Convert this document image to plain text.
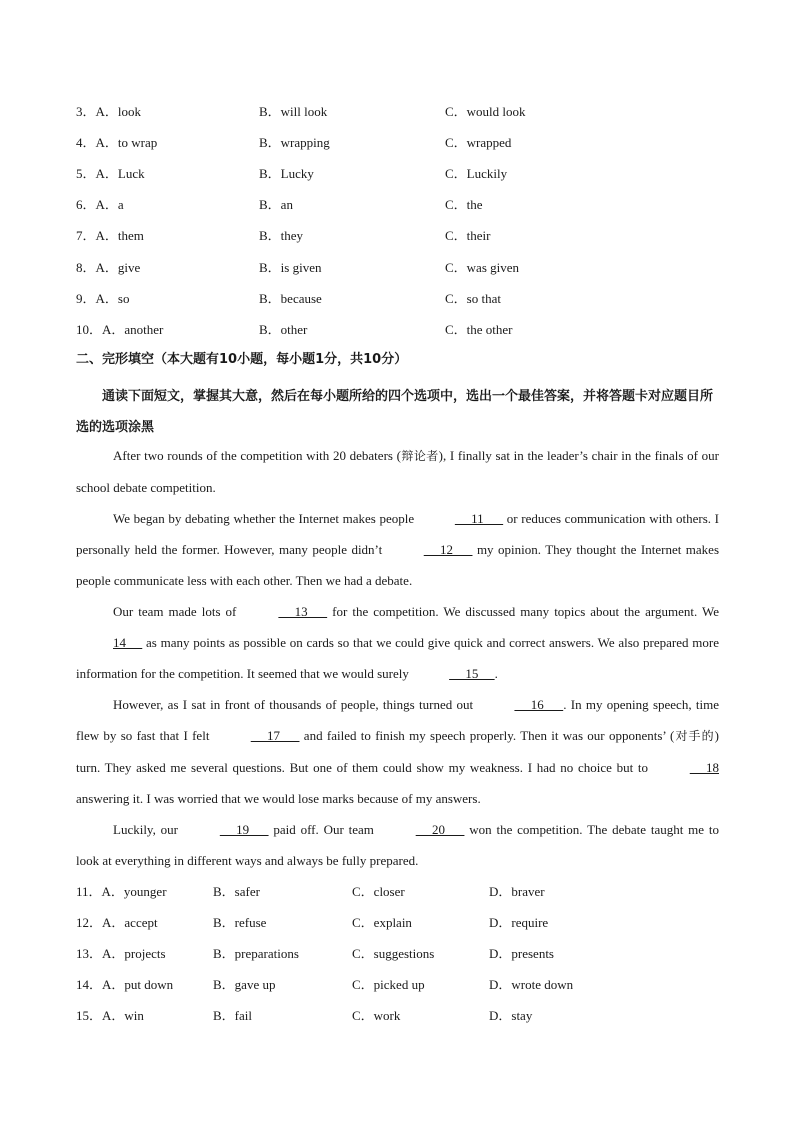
3．A．look	B．will look	C．would look
4．A．to wrap	B．wrapping	C．wrapped
5．A．Luck	B．Lucky	C．Luckily
6．A．a	B．an	C．the
7．A．them	B．they	C．their
8．A．give	B．is given	C．was given
9．A．so	B．because	C．so that
10．A．another	B．other	C．the other
二、完形填空（本大题有10小题，每小题1分，共10分）
通读下面短文，掌握其大意，然后在每小题所给的四个选项中，选出一个最佳答案，并将答题卡对应题目所选的选项涂黑

After two rounds of the competition with 20 debaters (辩论者), I finally sat in the leader’s chair in the finals of our school debate competition.

We began by debating whether the Internet makes people	11       or reduces communication with others. I personally held the former. However, many people didn’t	12       my opinion. They thought the Internet makes people communicate less with each other. Then we had a debate.

Our team made lots of	13       for the competition. We discussed many topics about the argument. We 14      as many points as possible on cards so that we could give quick and correct answers. We also prepared more information for the competition. It seemed that we would surely	15     .

However, as I sat in front of thousands of people, things turned out	16      . In my opening speech, time flew by so fast that I felt	17       and failed to finish my speech properly. Then it was our opponents’ (对手的) turn. They asked me several questions. But one of them could show my weakness. I had no choice but to	18 answering it. I was worried that we would lose marks because of my answers.

Luckily, our	19       paid off. Our team	20       won the competition. The debate taught me to look at everything in different ways and always be fully prepared.

11．A．younger	B．safer	C．closer	D．braver
12．A．accept	B．refuse	C．explain	D．require
13．A．projects	B．preparations	C．suggestions	D．presents
14．A．put down	B．gave up	C．picked up	D．wrote down
15．A．win	B．fail	C．work	D．stay
